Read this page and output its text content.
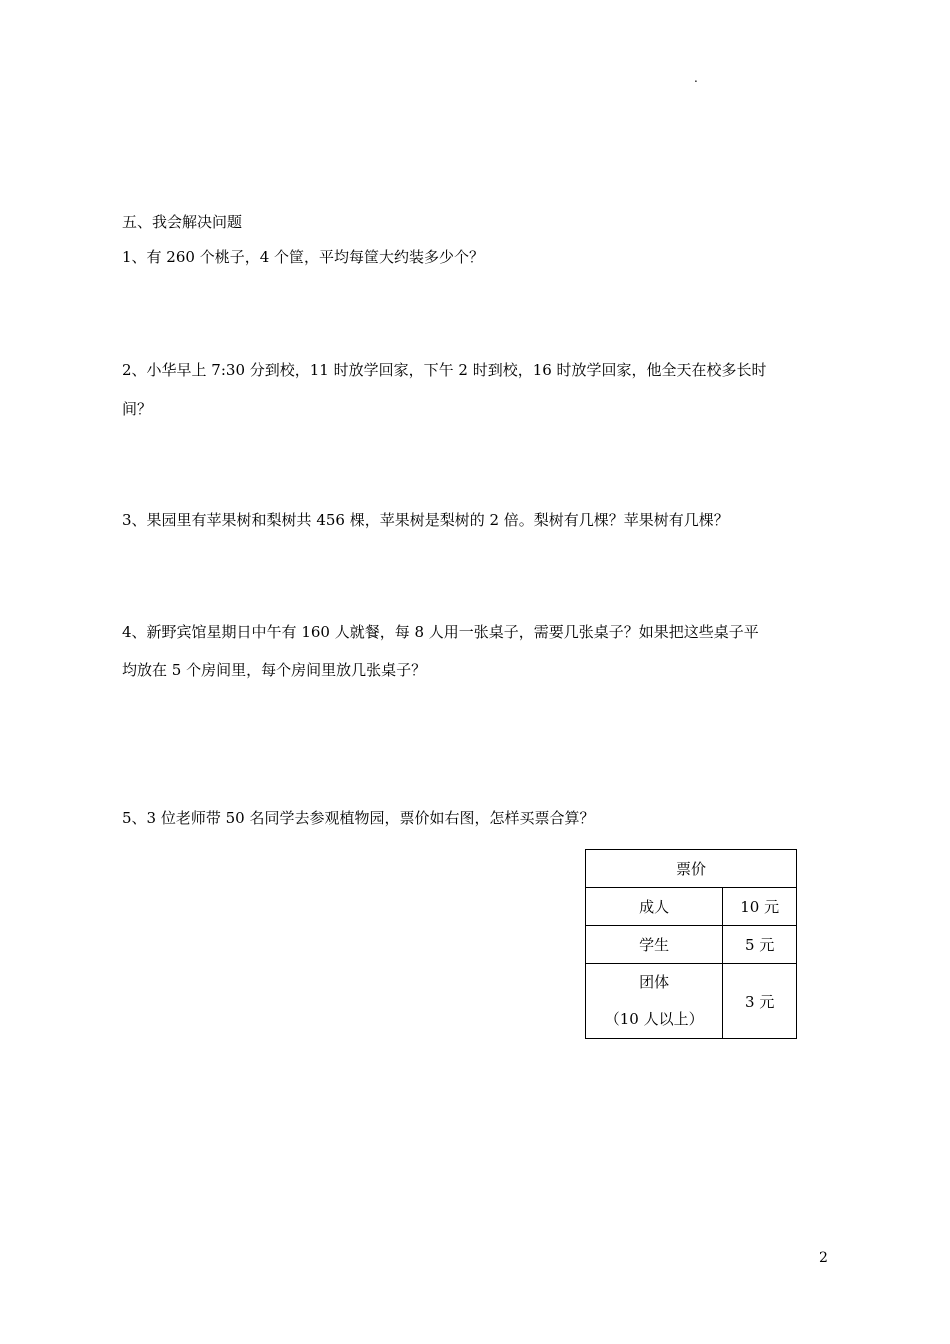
.
五、我会解决问题
1、有 260 个桃子，4 个筐，平均每筐大约装多少个？
2、小华早上 7:30 分到校，11 时放学回家，下午 2 时到校，16 时放学回家，他全天在校多长时
间？
3、果园里有苹果树和梨树共 456 棵，苹果树是梨树的 2 倍。梨树有几棵？苹果树有几棵？
4、新野宾馆星期日中午有 160 人就餐，每 8 人用一张桌子，需要几张桌子？如果把这些桌子平
均放在 5 个房间里，每个房间里放几张桌子？
5、3 位老师带 50 名同学去参观植物园，票价如右图，怎样买票合算？
票价	
成人	10 元
学生	5 元

团体
（10 人以上）	3 元
2
